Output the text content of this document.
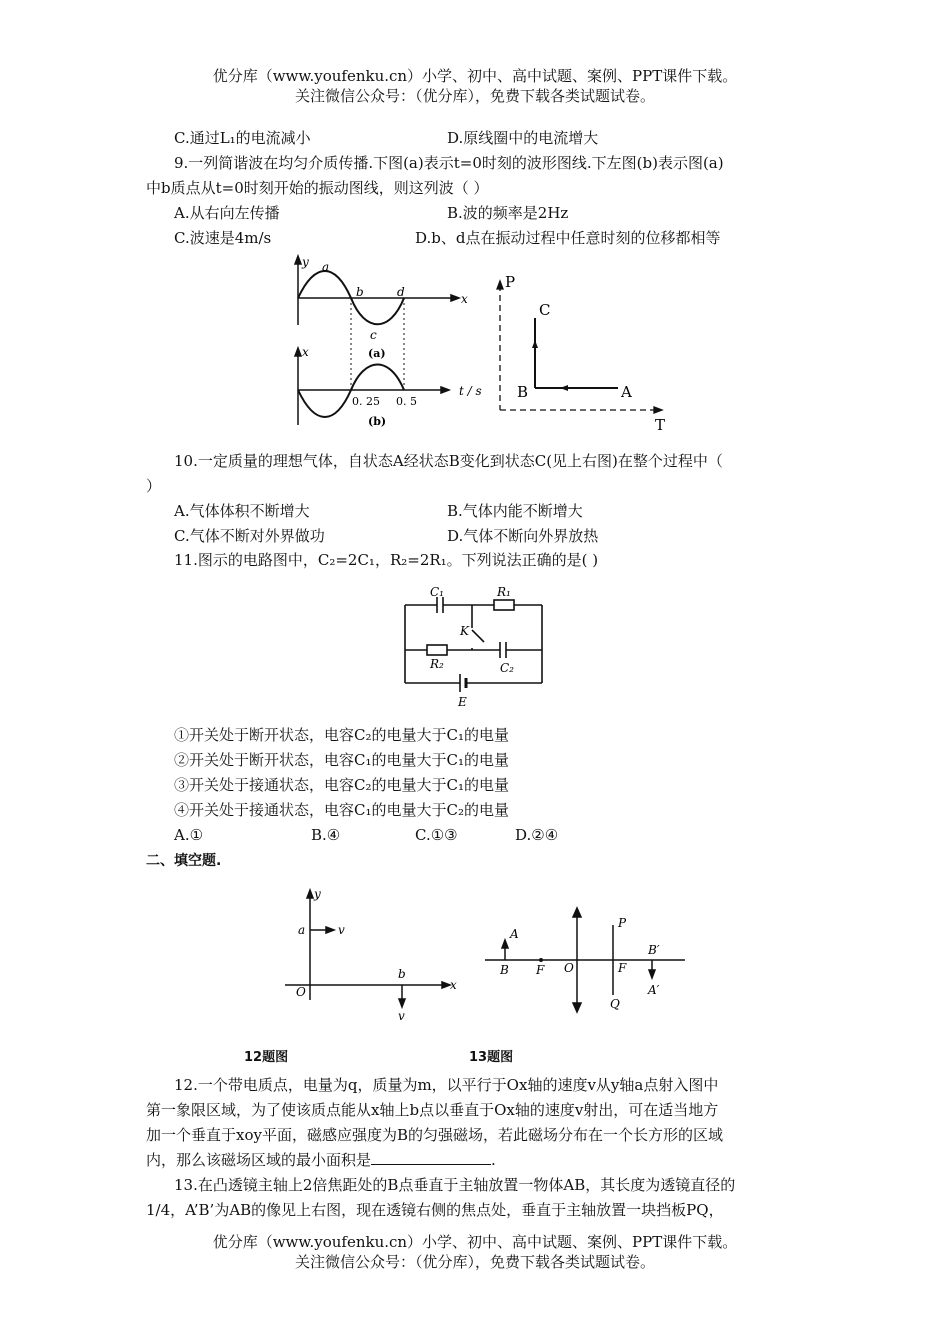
优分库（www.youfenku.cn）小学、初中、高中试题、案例、PPT课件下载。
关注微信公众号：（优分库），免费下载各类试题试卷。
C.通过L₁的电流减小	D.原线圈中的电流增大
9.一列简谐波在均匀介质传播.下图(a)表示t=0时刻的波形图线.下左图(b)表示图(a)
中b质点从t=0时刻开始的振动图线，则这列波（ ）
A.从右向左传播	B.波的频率是2Hz
C.波速是4m/s	D.b、d点在振动过程中任意时刻的位移都相等
y a
b	d	x
c
(a)
x
0. 25 0. 5
t / s
(b)
P
C
B	A
T
10.一定质量的理想气体，自状态A经状态B变化到状态C(见上右图)在整个过程中（
）
A.气体体积不断增大	B.气体内能不断增大
C.气体不断对外界做功	D.气体不断向外界放热
11.图示的电路图中，C₂=2C₁，R₂=2R₁。下列说法正确的是( )
C₁	R₁
K
R₂	C₂
E
①开关处于断开状态，电容C₂的电量大于C₁的电量
②开关处于断开状态，电容C₁的电量大于C₁的电量
③开关处于接通状态，电容C₂的电量大于C₁的电量
④开关处于接通状态，电容C₁的电量大于C₂的电量
A.①	B.④	C.①③	D.②④
二、填空题.
y
a	v
O
b
x
v
A
B F O
P
F
Q
B′
A′
12题图	13题图
12.一个带电质点，电量为q，质量为m，以平行于Ox轴的速度v从y轴a点射入图中
第一象限区域，为了使该质点能从x轴上b点以垂直于Ox轴的速度v射出，可在适当地方
加一个垂直于xoy平面，磁感应强度为B的匀强磁场，若此磁场分布在一个长方形的区域
内，那么该磁场区域的最小面积是	.
13.在凸透镜主轴上2倍焦距处的B点垂直于主轴放置一物体AB，其长度为透镜直径的
1/4，A’B’为AB的像见上右图，现在透镜右侧的焦点处，垂直于主轴放置一块挡板PQ，
优分库（www.youfenku.cn）小学、初中、高中试题、案例、PPT课件下载。
关注微信公众号：（优分库），免费下载各类试题试卷。
